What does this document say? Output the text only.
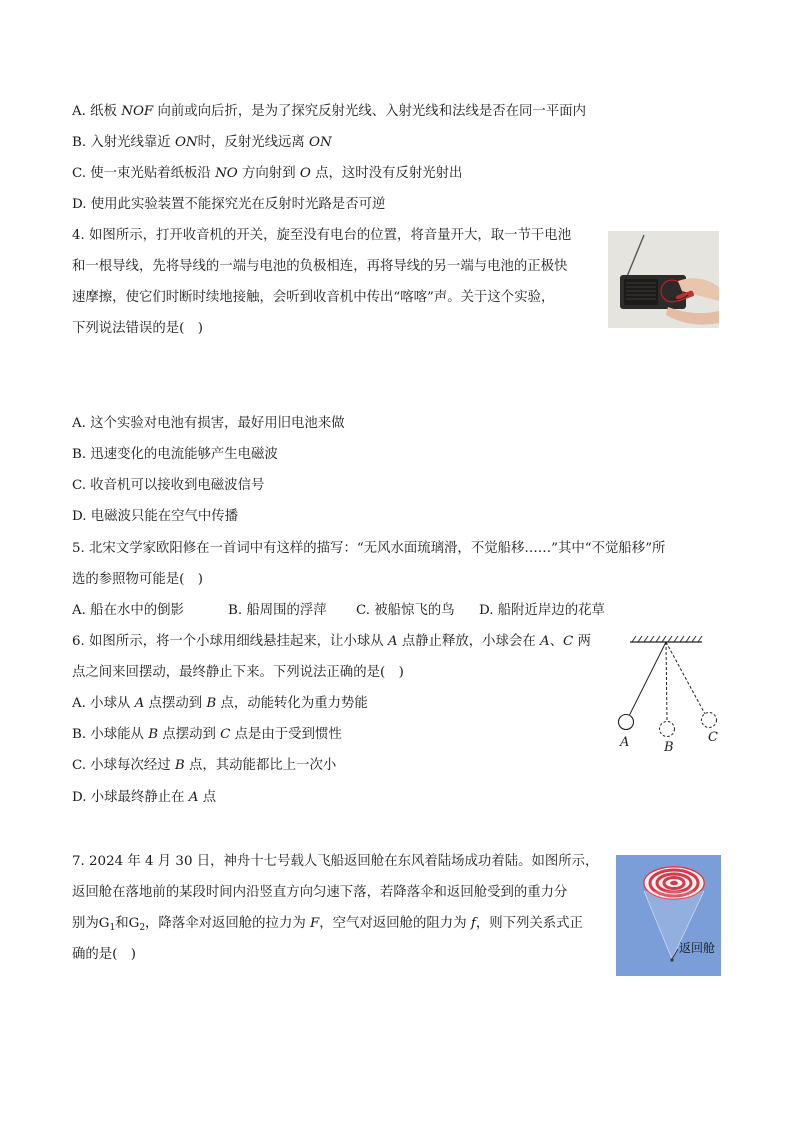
A. 纸板 NOF 向前或向后折，是为了探究反射光线、入射光线和法线是否在同一平面内
B. 入射光线靠近 ON时，反射光线远离 ON
C. 使一束光贴着纸板沿 NO 方向射到 O 点，这时没有反射光射出
D. 使用此实验装置不能探究光在反射时光路是否可逆
4. 如图所示，打开收音机的开关，旋至没有电台的位置，将音量开大，取一节干电池
和一根导线，先将导线的一端与电池的负极相连，再将导线的另一端与电池的正极快
速摩擦，使它们时断时续地接触，会听到收音机中传出“喀喀”声。关于这个实验，
下列说法错误的是(　)
A. 这个实验对电池有损害，最好用旧电池来做
B. 迅速变化的电流能够产生电磁波
C. 收音机可以接收到电磁波信号
D. 电磁波只能在空气中传播
5. 北宋文学家欧阳修在一首词中有这样的描写：“无风水面琉璃滑，不觉船移……”其中“不觉船移”所
选的参照物可能是(　)
A. 船在水中的倒影	B. 船周围的浮萍 C. 被船惊飞的鸟 D. 船附近岸边的花草
6. 如图所示，将一个小球用细线悬挂起来，让小球从 A 点静止释放，小球会在 A、C 两
点之间来回摆动，最终静止下来。下列说法正确的是(　)
A. 小球从 A 点摆动到 B 点，动能转化为重力势能
B. 小球能从 B 点摆动到 C 点是由于受到惯性
C. 小球每次经过 B 点，其动能都比上一次小
D. 小球最终静止在 A 点
A	B
C
7. 2024 年 4 月 30 日，神舟十七号载人飞船返回舱在东风着陆场成功着陆。如图所示，
返回舱在落地前的某段时间内沿竖直方向匀速下落，若降落伞和返回舱受到的重力分
别为$G_1$和$G_2$，降落伞对返回舱的拉力为 F，空气对返回舱的阻力为 f，则下列关系式正
确的是(　)	返回舱
